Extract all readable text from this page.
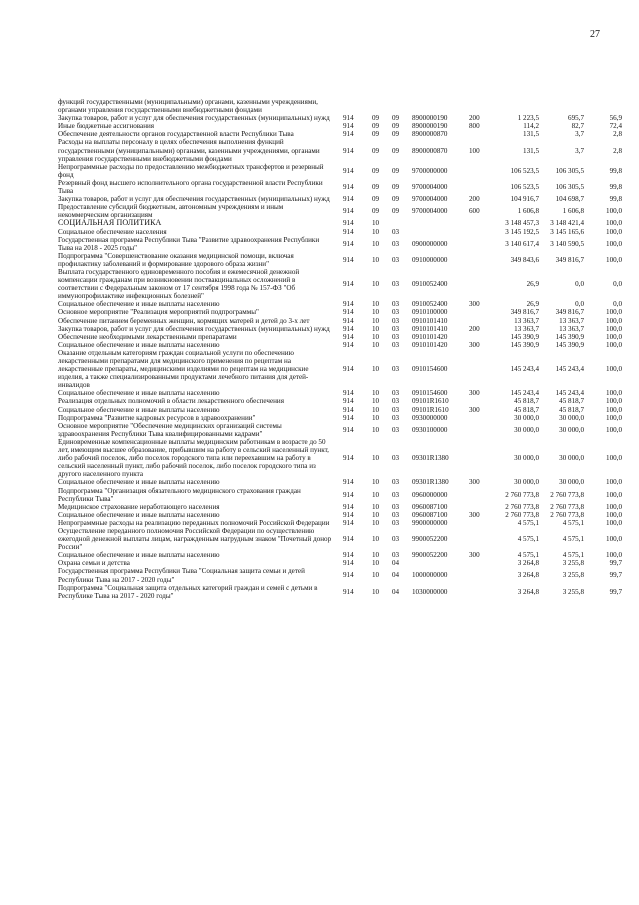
27
функций государственными (муниципальными) органами, казенными учреждениями, органами управления государственными внебюджетными фондами								
Закупка товаров, работ и услуг для обеспечения государственных (муниципальных) нужд	914	09	09	8900000190	200	1 223,5	695,7	56,9
Иные бюджетные ассигнования	914	09	09	8900000190	800	114,2	82,7	72,4
Обеспечение деятельности органов государственной власти Республики Тыва	914	09	09	8900000870		131,5	3,7	2,8
Расходы на выплаты персоналу в целях обеспечения выполнения функций государственными (муниципальными) органами, казенными учреждениями, органами управления государственными внебюджетными фондами	914	09	09	8900000870	100	131,5	3,7	2,8
Непрограммные расходы по предоставлению межбюджетных трансфертов и резервный фонд	914	09	09	9700000000		106 523,5	106 305,5	99,8
Резервный фонд высшего исполнительного органа государственной власти Республики Тыва	914	09	09	9700004000		106 523,5	106 305,5	99,8
Закупка товаров, работ и услуг для обеспечения государственных (муниципальных) нужд	914	09	09	9700004000	200	104 916,7	104 698,7	99,8
Предоставление субсидий бюджетным, автономным учреждениям и иным некоммерческим организациям	914	09	09	9700004000	600	1 606,8	1 606,8	100,0
СОЦИАЛЬНАЯ ПОЛИТИКА	914	10				3 148 457,3	3 148 421,4	100,0
Социальное обеспечение населения	914	10	03			3 145 192,5	3 145 165,6	100,0
Государственная программа Республики Тыва "Развитие здравоохранения Республики Тыва на 2018 - 2025 годы"	914	10	03	0900000000		3 140 617,4	3 140 590,5	100,0
Подпрограмма "Совершенствование оказания медицинской помощи, включая профилактику заболеваний и формирование здорового образа жизни"	914	10	03	0910000000		349 843,6	349 816,7	100,0
Выплата государственного единовременного пособия и ежемесячной денежной компенсации гражданам при возникновении поствакцинальных осложнений в соответствии с Федеральным законом от 17 сентября 1998 года № 157-ФЗ "Об иммунопрофилактике инфекционных болезней"	914	10	03	0910052400		26,9	0,0	0,0
Социальное обеспечение и иные выплаты населению	914	10	03	0910052400	300	26,9	0,0	0,0
Основное мероприятие "Реализация мероприятий подпрограммы"	914	10	03	0910100000		349 816,7	349 816,7	100,0
Обеспечение питанием беременных женщин, кормящих матерей и детей до 3-х лет	914	10	03	0910101410		13 363,7	13 363,7	100,0
Закупка товаров, работ и услуг для обеспечения государственных (муниципальных) нужд	914	10	03	0910101410	200	13 363,7	13 363,7	100,0
Обеспечение необходимыми лекарственными препаратами	914	10	03	0910101420		145 390,9	145 390,9	100,0
Социальное обеспечение и иные выплаты населению	914	10	03	0910101420	300	145 390,9	145 390,9	100,0
Оказание отдельным категориям граждан социальной услуги по обеспечению лекарственными препаратами для медицинского применения по рецептам на лекарственные препараты, медицинскими изделиями по рецептам на медицинские изделия, а также специализированными продуктами лечебного питания для детей-инвалидов	914	10	03	0910154600		145 243,4	145 243,4	100,0
Социальное обеспечение и иные выплаты населению	914	10	03	0910154600	300	145 243,4	145 243,4	100,0
Реализация отдельных полномочий в области лекарственного обеспечения	914	10	03	09101R1610		45 818,7	45 818,7	100,0
Социальное обеспечение и иные выплаты населению	914	10	03	09101R1610	300	45 818,7	45 818,7	100,0
Подпрограмма "Развитие кадровых ресурсов в здравоохранении"	914	10	03	0930000000		30 000,0	30 000,0	100,0
Основное мероприятие "Обеспечение медицинских организаций системы здравоохранения Республики Тыва квалифицированными кадрами"	914	10	03	0930100000		30 000,0	30 000,0	100,0
Единовременные компенсационные выплаты медицинским работникам в возрасте до 50 лет, имеющим высшее образование, прибывшим на работу в сельский населенный пункт, либо рабочий поселок, либо поселок городского типа или переехавшим на работу в сельский населенный пункт, либо рабочий поселок, либо поселок городского типа из другого населенного пункта	914	10	03	09301R1380		30 000,0	30 000,0	100,0
Социальное обеспечение и иные выплаты населению	914	10	03	09301R1380	300	30 000,0	30 000,0	100,0
Подпрограмма "Организация обязательного медицинского страхования граждан Республики Тыва"	914	10	03	0960000000		2 760 773,8	2 760 773,8	100,0
Медицинское страхование неработающего населения	914	10	03	0960087100		2 760 773,8	2 760 773,8	100,0
Социальное обеспечение и иные выплаты населению	914	10	03	0960087100	300	2 760 773,8	2 760 773,8	100,0
Непрограммные расходы на реализацию переданных полномочий Российской Федерации	914	10	03	9900000000		4 575,1	4 575,1	100,0
Осуществление переданного полномочия Российской Федерации по осуществлению ежегодной денежной выплаты лицам, награжденным нагрудным знаком "Почетный донор России"	914	10	03	9900052200		4 575,1	4 575,1	100,0
Социальное обеспечение и иные выплаты населению	914	10	03	9900052200	300	4 575,1	4 575,1	100,0
Охрана семьи и детства	914	10	04			3 264,8	3 255,8	99,7
Государственная программа Республики Тыва "Социальная защита семьи и детей Республики Тыва на 2017 - 2020 годы"	914	10	04	1000000000		3 264,8	3 255,8	99,7
Подпрограмма "Социальная защита отдельных категорий граждан и семей с детьми в Республике Тыва на 2017 - 2020 годы"	914	10	04	1030000000		3 264,8	3 255,8	99,7
